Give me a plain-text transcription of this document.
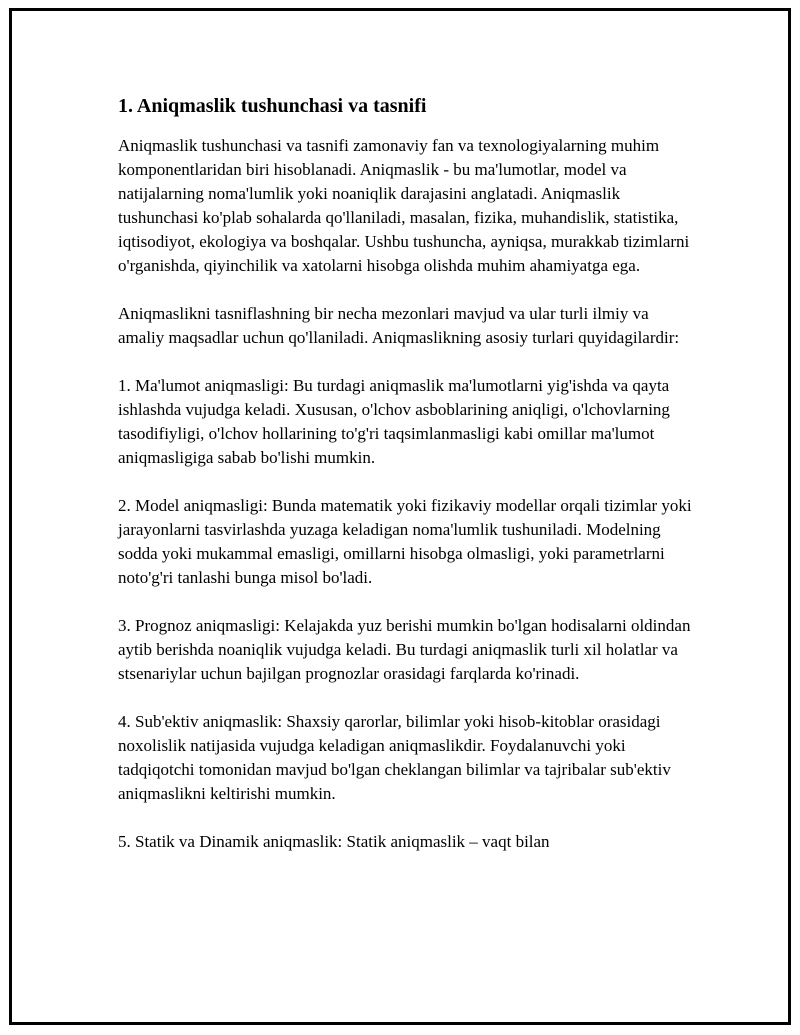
1. Aniqmaslik tushunchasi va tasnifi

Aniqmaslik tushunchasi va tasnifi zamonaviy fan va texnologiyalarning muhim komponentlaridan biri hisoblanadi. Aniqmaslik - bu ma'lumotlar, model va natijalarning noma'lumlik yoki noaniqlik darajasini anglatadi. Aniqmaslik tushunchasi ko'plab sohalarda qo'llaniladi, masalan, fizika, muhandislik, statistika, iqtisodiyot, ekologiya va boshqalar. Ushbu tushuncha, ayniqsa, murakkab tizimlarni o'rganishda, qiyinchilik va xatolarni hisobga olishda muhim ahamiyatga ega.

Aniqmaslikni tasniflashning bir necha mezonlari mavjud va ular turli ilmiy va amaliy maqsadlar uchun qo'llaniladi. Aniqmaslikning asosiy turlari quyidagilardir:

1. Ma'lumot aniqmasligi: Bu turdagi aniqmaslik ma'lumotlarni yig'ishda va qayta ishlashda vujudga keladi. Xususan, o'lchov asboblarining aniqligi, o'lchovlarning tasodifiyligi, o'lchov hollarining to'g'ri taqsimlanmasligi kabi omillar ma'lumot aniqmasligiga sabab bo'lishi mumkin.

2. Model aniqmasligi: Bunda matematik yoki fizikaviy modellar orqali tizimlar yoki jarayonlarni tasvirlashda yuzaga keladigan noma'lumlik tushuniladi. Modelning sodda yoki mukammal emasligi, omillarni hisobga olmasligi, yoki parametrlarni noto'g'ri tanlashi bunga misol bo'ladi.

3. Prognoz aniqmasligi: Kelajakda yuz berishi mumkin bo'lgan hodisalarni oldindan aytib berishda noaniqlik vujudga keladi. Bu turdagi aniqmaslik turli xil holatlar va stsenariylar uchun bajilgan prognozlar orasidagi farqlarda ko'rinadi.

4. Sub'ektiv aniqmaslik: Shaxsiy qarorlar, bilimlar yoki hisob-kitoblar orasidagi noxolislik natijasida vujudga keladigan aniqmaslikdir. Foydalanuvchi yoki tadqiqotchi tomonidan mavjud bo'lgan cheklangan bilimlar va tajribalar sub'ektiv aniqmaslikni keltirishi mumkin.

5. Statik va Dinamik aniqmaslik: Statik aniqmaslik – vaqt bilan
